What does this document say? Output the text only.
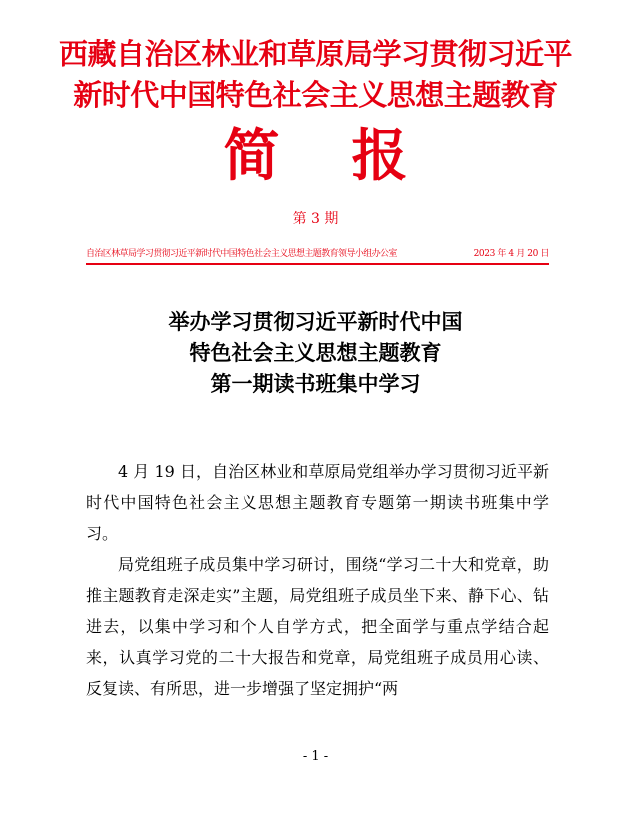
西藏自治区林业和草原局学习贯彻习近平
新时代中国特色社会主义思想主题教育
简报
第 3 期
自治区林草局学习贯彻习近平新时代中国特色社会主义思想主题教育领导小组办公室	2023 年 4 月 20 日
举办学习贯彻习近平新时代中国
特色社会主义思想主题教育
第一期读书班集中学习

4 月 19 日，自治区林业和草原局党组举办学习贯彻习近平新时代中国特色社会主义思想主题教育专题第一期读书班集中学习。

局党组班子成员集中学习研讨，围绕“学习二十大和党章，助推主题教育走深走实”主题，局党组班子成员坐下来、静下心、钻进去，以集中学习和个人自学方式，把全面学与重点学结合起来，认真学习党的二十大报告和党章，局党组班子成员用心读、反复读、有所思，进一步增强了坚定拥护“两

- 1 -
